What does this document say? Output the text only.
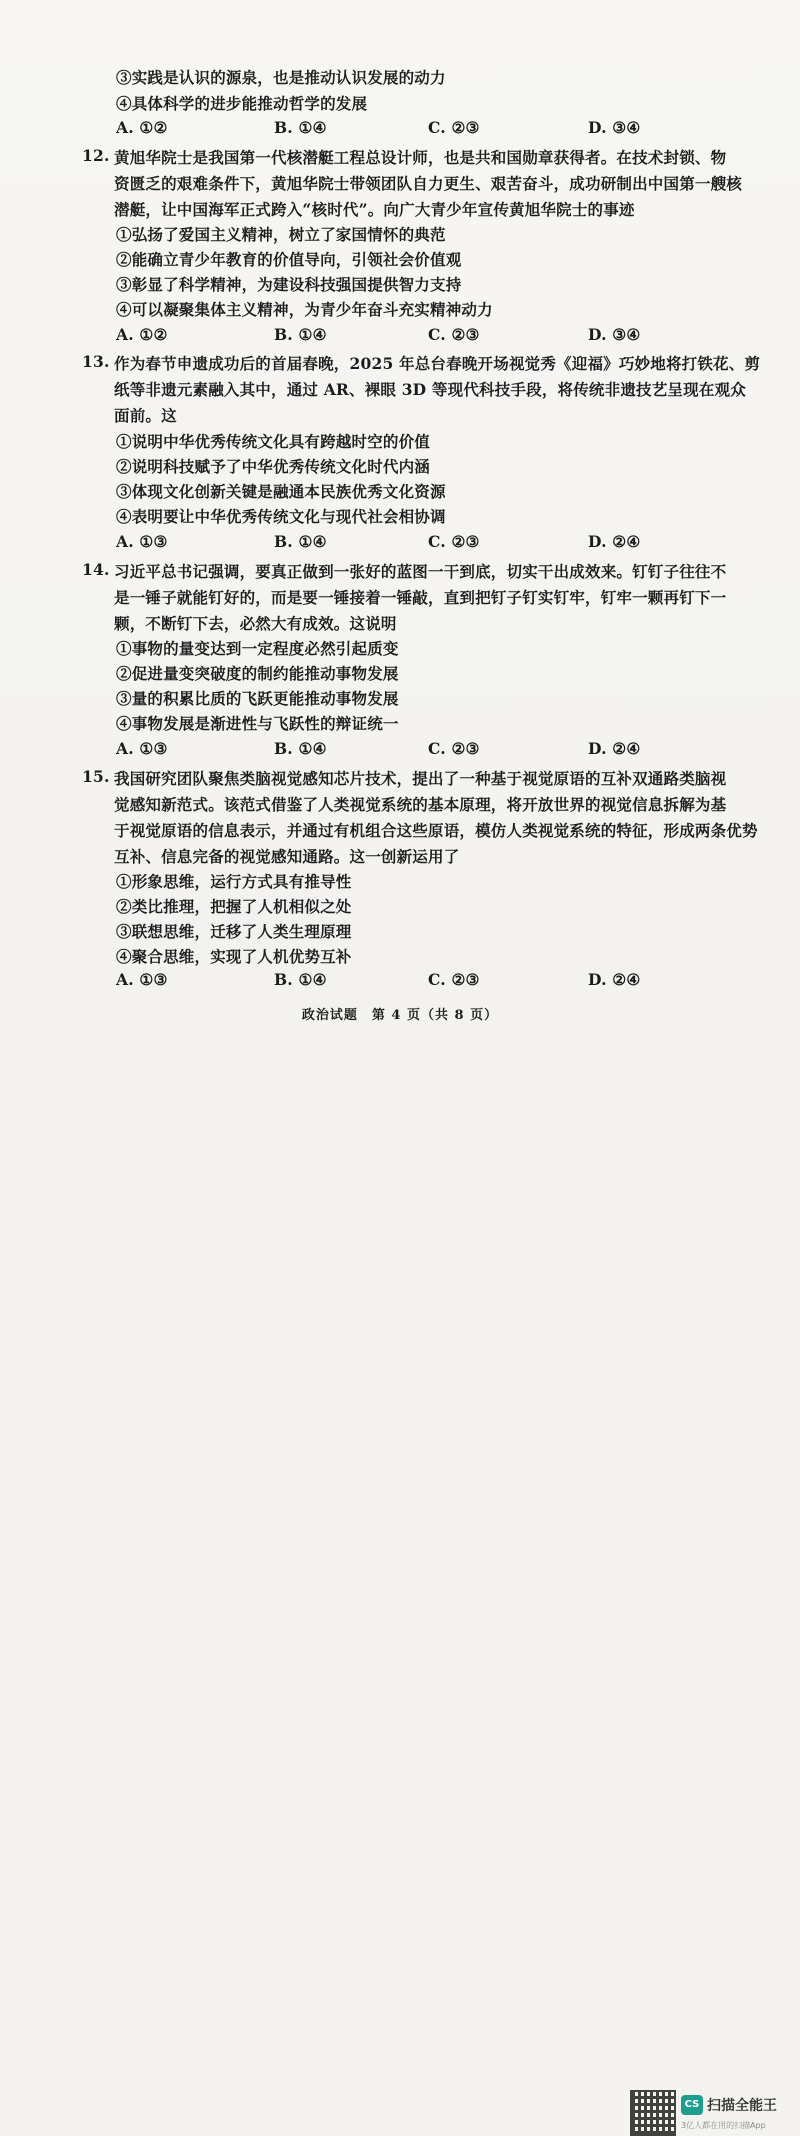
③实践是认识的源泉，也是推动认识发展的动力
④具体科学的进步能推动哲学的发展
A. ①②	B. ①④	C. ②③	D. ③④
12. 黄旭华院士是我国第一代核潜艇工程总设计师，也是共和国勋章获得者。在技术封锁、物
资匮乏的艰难条件下，黄旭华院士带领团队自力更生、艰苦奋斗，成功研制出中国第一艘核
潜艇，让中国海军正式跨入“核时代”。向广大青少年宣传黄旭华院士的事迹
①弘扬了爱国主义精神，树立了家国情怀的典范
②能确立青少年教育的价值导向，引领社会价值观
③彰显了科学精神，为建设科技强国提供智力支持
④可以凝聚集体主义精神，为青少年奋斗充实精神动力
A. ①②	B. ①④	C. ②③	D. ③④
13. 作为春节申遗成功后的首届春晚，2025 年总台春晚开场视觉秀《迎福》巧妙地将打铁花、剪
纸等非遗元素融入其中，通过 AR、裸眼 3D 等现代科技手段，将传统非遗技艺呈现在观众
面前。这
①说明中华优秀传统文化具有跨越时空的价值
②说明科技赋予了中华优秀传统文化时代内涵
③体现文化创新关键是融通本民族优秀文化资源
④表明要让中华优秀传统文化与现代社会相协调
A. ①③	B. ①④	C. ②③	D. ②④
14. 习近平总书记强调，要真正做到一张好的蓝图一干到底，切实干出成效来。钉钉子往往不
是一锤子就能钉好的，而是要一锤接着一锤敲，直到把钉子钉实钉牢，钉牢一颗再钉下一
颗，不断钉下去，必然大有成效。这说明
①事物的量变达到一定程度必然引起质变
②促进量变突破度的制约能推动事物发展
③量的积累比质的飞跃更能推动事物发展
④事物发展是渐进性与飞跃性的辩证统一
A. ①③	B. ①④	C. ②③	D. ②④
15. 我国研究团队聚焦类脑视觉感知芯片技术，提出了一种基于视觉原语的互补双通路类脑视
觉感知新范式。该范式借鉴了人类视觉系统的基本原理，将开放世界的视觉信息拆解为基
于视觉原语的信息表示，并通过有机组合这些原语，模仿人类视觉系统的特征，形成两条优势
互补、信息完备的视觉感知通路。这一创新运用了
①形象思维，运行方式具有推导性
②类比推理，把握了人机相似之处
③联想思维，迁移了人类生理原理
④聚合思维，实现了人机优势互补
A. ①③	B. ①④	C. ②③	D. ②④
政治试题　第 4 页（共 8 页）
CS 扫描全能王
3亿人都在用的扫描App
